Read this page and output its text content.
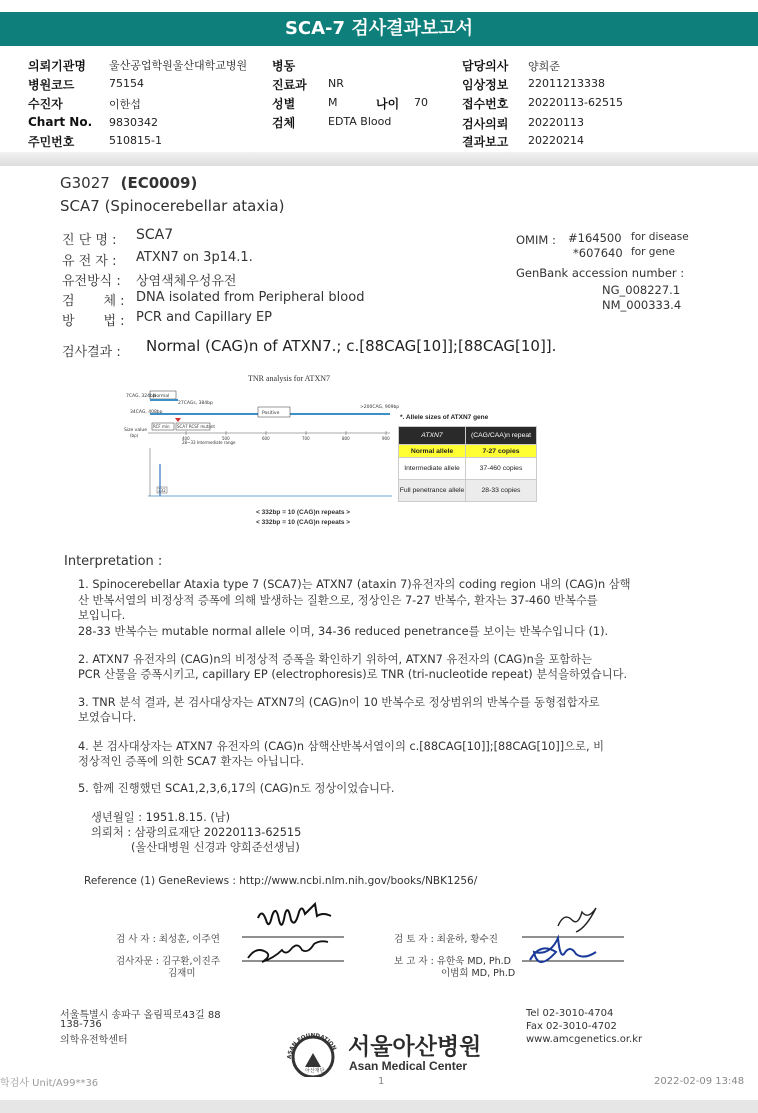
SCA-7 검사결과보고서
의뢰기관명 울산공업학원울산대학교병원
병원코드	75154
수진자	이한섭
Chart No. 9830342
주민번호	510815-1
병동
진료과 NR
성별	M	나이 70
검체	EDTA Blood
담당의사 양희준
임상정보 22011213338
접수번호 20220113-62515
검사의뢰 20220113
결과보고 20220214
G3027 (EC0009)
SCA7 (Spinocerebellar ataxia)
진 단 명 : SCA7
유 전 자 : ATXN7 on 3p14.1.
유전방식 : 상염색체우성유전
검       체 : DNA isolated from Peripheral blood
방       법 : PCR and Capillary EP
OMIM : #164500 for disease
*607640 for gene
GenBank accession number :
NG_008227.1
NM_000333.4
검사결과 : Normal (CAG)n of ATXN7.; c.[88CAG[10]];[88CAG[10]].
TNR analysis for ATXN7
7CAG, 324bp
Normal
27CAGs, 384bp
34CAG, 408bp
>200CAG, 909bp
Positive
RCF min SCA7 RCSF mutant
Size value
(bp)
400	500	600	700	800	900
28~33 Intermediate range
332
*. Allele sizes of ATXN7 gene
ATXN7	(CAG/CAA)n repeat
Normal allele	7-27 copies
Intermediate allele	37-460 copies
Full penetrance allele	28-33 copies
< 332bp = 10 (CAG)n repeats >
< 332bp = 10 (CAG)n repeats >
Interpretation :
1. Spinocerebellar Ataxia type 7 (SCA7)는 ATXN7 (ataxin 7)유전자의 coding region 내의 (CAG)n 삼핵
산 반복서열의 비정상적 증폭에 의해 발생하는 질환으로, 정상인은 7-27 반복수, 환자는 37-460 반복수를
보입니다.
28-33 반복수는 mutable normal allele 이며, 34-36 reduced penetrance를 보이는 반복수입니다 (1).
2. ATXN7 유전자의 (CAG)n의 비정상적 증폭을 확인하기 위하여, ATXN7 유전자의 (CAG)n을 포함하는
PCR 산물을 증폭시키고, capillary EP (electrophoresis)로 TNR (tri-nucleotide repeat) 분석을하였습니다.
3. TNR 분석 결과, 본 검사대상자는 ATXN7의 (CAG)n이 10 반복수로 정상범위의 반복수를 동형접합자로
보였습니다.
4. 본 검사대상자는 ATXN7 유전자의 (CAG)n 삼핵산반복서열이의 c.[88CAG[10]];[88CAG[10]]으로, 비
정상적인 증폭에 의한 SCA7 환자는 아닙니다.
5. 함께 진행했던 SCA1,2,3,6,17의 (CAG)n도 정상이었습니다.
생년월일 : 1951.8.15. (남)
의뢰처 : 삼광의료재단 20220113-62515
(울산대병원 신경과 양희준선생님)
Reference (1) GeneReviews : http://www.ncbi.nlm.nih.gov/books/NBK1256/
검 사 자 : 최성훈, 이주연
검사자문 : 김구환,이진주
김재미
검 토 자 : 최윤하, 황수진
보 고 자 : 유한욱 MD, Ph.D
이범희 MD, Ph.D
서울특별시 송파구 올림픽로43길 88
138-736
의학유전학센터
Tel 02-3010-4704
Fax 02-3010-4702
www.amcgenetics.or.kr
ASAN FOUNDATION
아산재단
서울아산병원
Asan Medical Center
학검사 Unit/A99**36	1	2022-02-09 13:48
